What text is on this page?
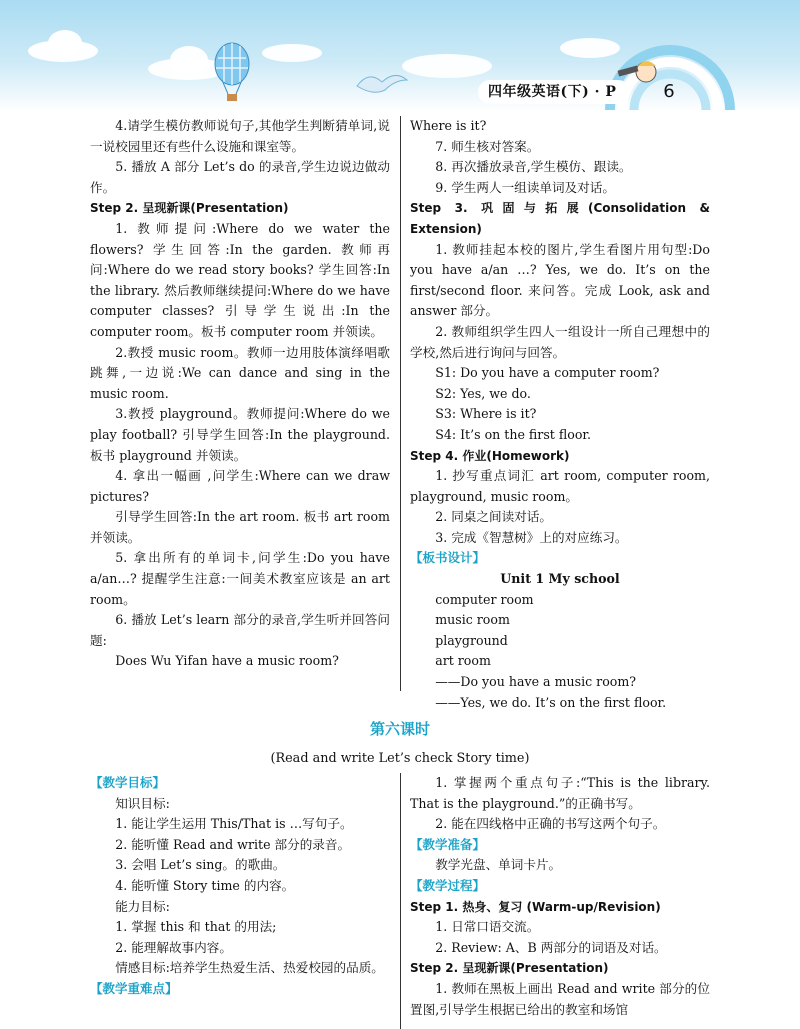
四年级英语(下) · P	6

4.请学生模仿教师说句子,其他学生判断猜单词,说一说校园里还有些什么设施和课室等。

5. 播放 A 部分 Let’s do 的录音,学生边说边做动作。

Step 2. 呈现新课(Presentation)

1. 教师提问:Where do we water the flowers? 学生回答:In the garden. 教师再问:Where do we read story books? 学生回答:In the library. 然后教师继续提问:Where do we have computer classes? 引导学生说出:In the computer room。板书 computer room 并领读。

2.教授 music room。教师一边用肢体演绎唱歌跳舞,一边说:We can dance and sing in the music room.

3.教授 playground。教师提问:Where do we play football? 引导学生回答:In the playground. 板书 playground 并领读。

4. 拿出一幅画 ,问学生:Where can we draw pictures?

引导学生回答:In the art room. 板书 art room 并领读。

5. 拿出所有的单词卡,问学生:Do you have a/an…? 提醒学生注意:一间美术教室应该是 an art room。

6. 播放 Let’s learn 部分的录音,学生听并回答问题:

Does Wu Yifan have a music room?

Where is it?

7. 师生核对答案。

8. 再次播放录音,学生模仿、跟读。

9. 学生两人一组读单词及对话。

Step 3. 巩固与拓展(Consolidation & Extension)

1. 教师挂起本校的图片,学生看图片用句型:Do you have a/an …? Yes, we do. It’s on the first/second floor. 来问答。完成 Look, ask and answer 部分。

2. 教师组织学生四人一组设计一所自己理想中的学校,然后进行询问与回答。

S1: Do you have a computer room?

S2: Yes, we do.

S3: Where is it?

S4: It’s on the first floor.

Step 4. 作业(Homework)

1. 抄写重点词汇 art room, computer room, playground, music room。

2. 同桌之间读对话。

3. 完成《智慧树》上的对应练习。

【板书设计】

Unit 1 My school

computer room

music room

playground

art room

——Do you have a music room?

——Yes, we do. It’s on the first floor.

第六课时
(Read and write Let’s check Story time)

【教学目标】

知识目标:

1. 能让学生运用 This/That is …写句子。

2. 能听懂 Read and write 部分的录音。

3. 会唱 Let’s sing。的歌曲。

4. 能听懂 Story time 的内容。

能力目标:

1. 掌握 this 和 that 的用法;

2. 能理解故事内容。

情感目标:培养学生热爱生活、热爱校园的品质。

【教学重难点】

1. 掌握两个重点句子:“This is the library. That is the playground.”的正确书写。

2. 能在四线格中正确的书写这两个句子。

【教学准备】

教学光盘、单词卡片。

【教学过程】

Step 1. 热身、复习 (Warm-up/Revision)

1. 日常口语交流。

2. Review: A、B 两部分的词语及对话。

Step 2. 呈现新课(Presentation)

1. 教师在黑板上画出 Read and write 部分的位置图,引导学生根据已给出的教室和场馆
